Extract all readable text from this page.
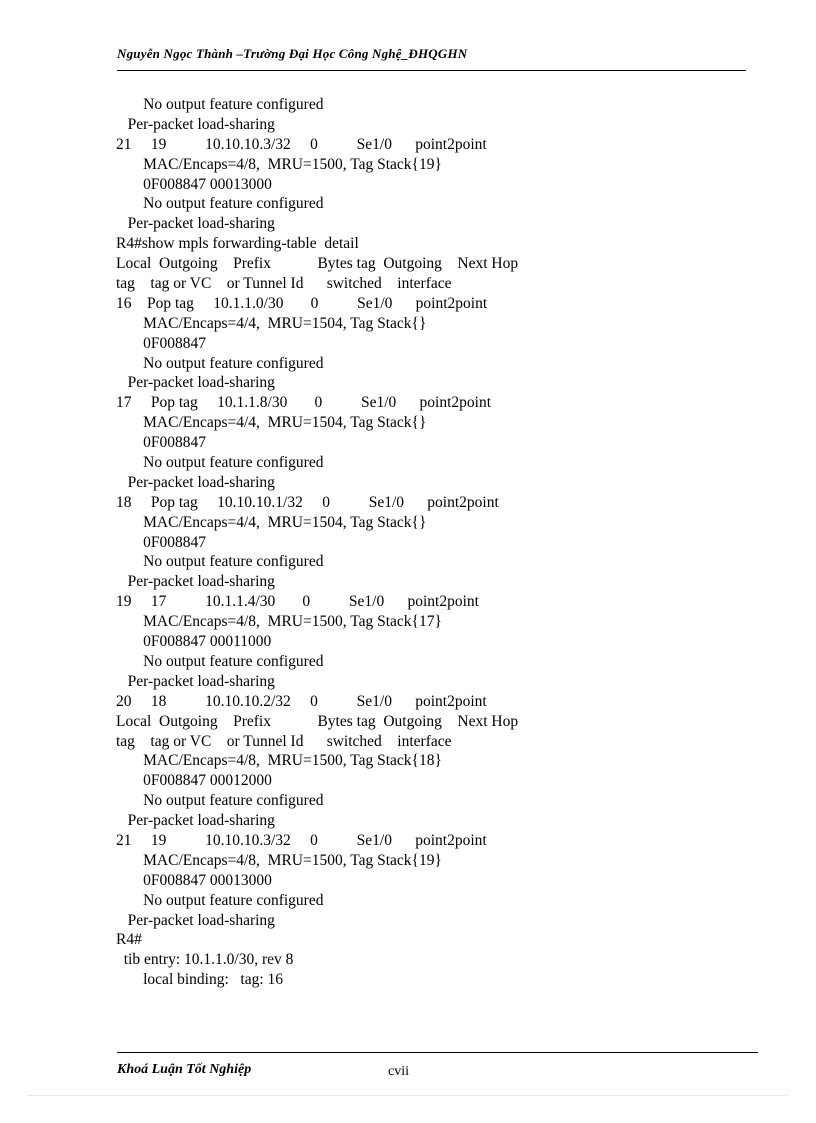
Nguyễn Ngọc Thành –Trường Đại Học Công Nghệ_ĐHQGHN
No output feature configured
Per-packet load-sharing
21     19          10.10.10.3/32     0          Se1/0      point2point
MAC/Encaps=4/8,  MRU=1500, Tag Stack{19}
0F008847 00013000
No output feature configured
Per-packet load-sharing
R4#show mpls forwarding-table  detail
Local  Outgoing    Prefix            Bytes tag  Outgoing    Next Hop
tag    tag or VC    or Tunnel Id      switched    interface
16    Pop tag     10.1.1.0/30       0          Se1/0      point2point
MAC/Encaps=4/4,  MRU=1504, Tag Stack{}
0F008847
No output feature configured
Per-packet load-sharing
17     Pop tag     10.1.1.8/30       0          Se1/0      point2point
MAC/Encaps=4/4,  MRU=1504, Tag Stack{}
0F008847
No output feature configured
Per-packet load-sharing
18     Pop tag     10.10.10.1/32     0          Se1/0      point2point
MAC/Encaps=4/4,  MRU=1504, Tag Stack{}
0F008847
No output feature configured
Per-packet load-sharing
19     17          10.1.1.4/30       0          Se1/0      point2point
MAC/Encaps=4/8,  MRU=1500, Tag Stack{17}
0F008847 00011000
No output feature configured
Per-packet load-sharing
20     18          10.10.10.2/32     0          Se1/0      point2point
Local  Outgoing    Prefix            Bytes tag  Outgoing    Next Hop
tag    tag or VC    or Tunnel Id      switched    interface
MAC/Encaps=4/8,  MRU=1500, Tag Stack{18}
0F008847 00012000
No output feature configured
Per-packet load-sharing
21     19          10.10.10.3/32     0          Se1/0      point2point
MAC/Encaps=4/8,  MRU=1500, Tag Stack{19}
0F008847 00013000
No output feature configured
Per-packet load-sharing
R4#
tib entry: 10.1.1.0/30, rev 8
local binding:   tag: 16
Khoá Luận Tốt Nghiệp	cvii
